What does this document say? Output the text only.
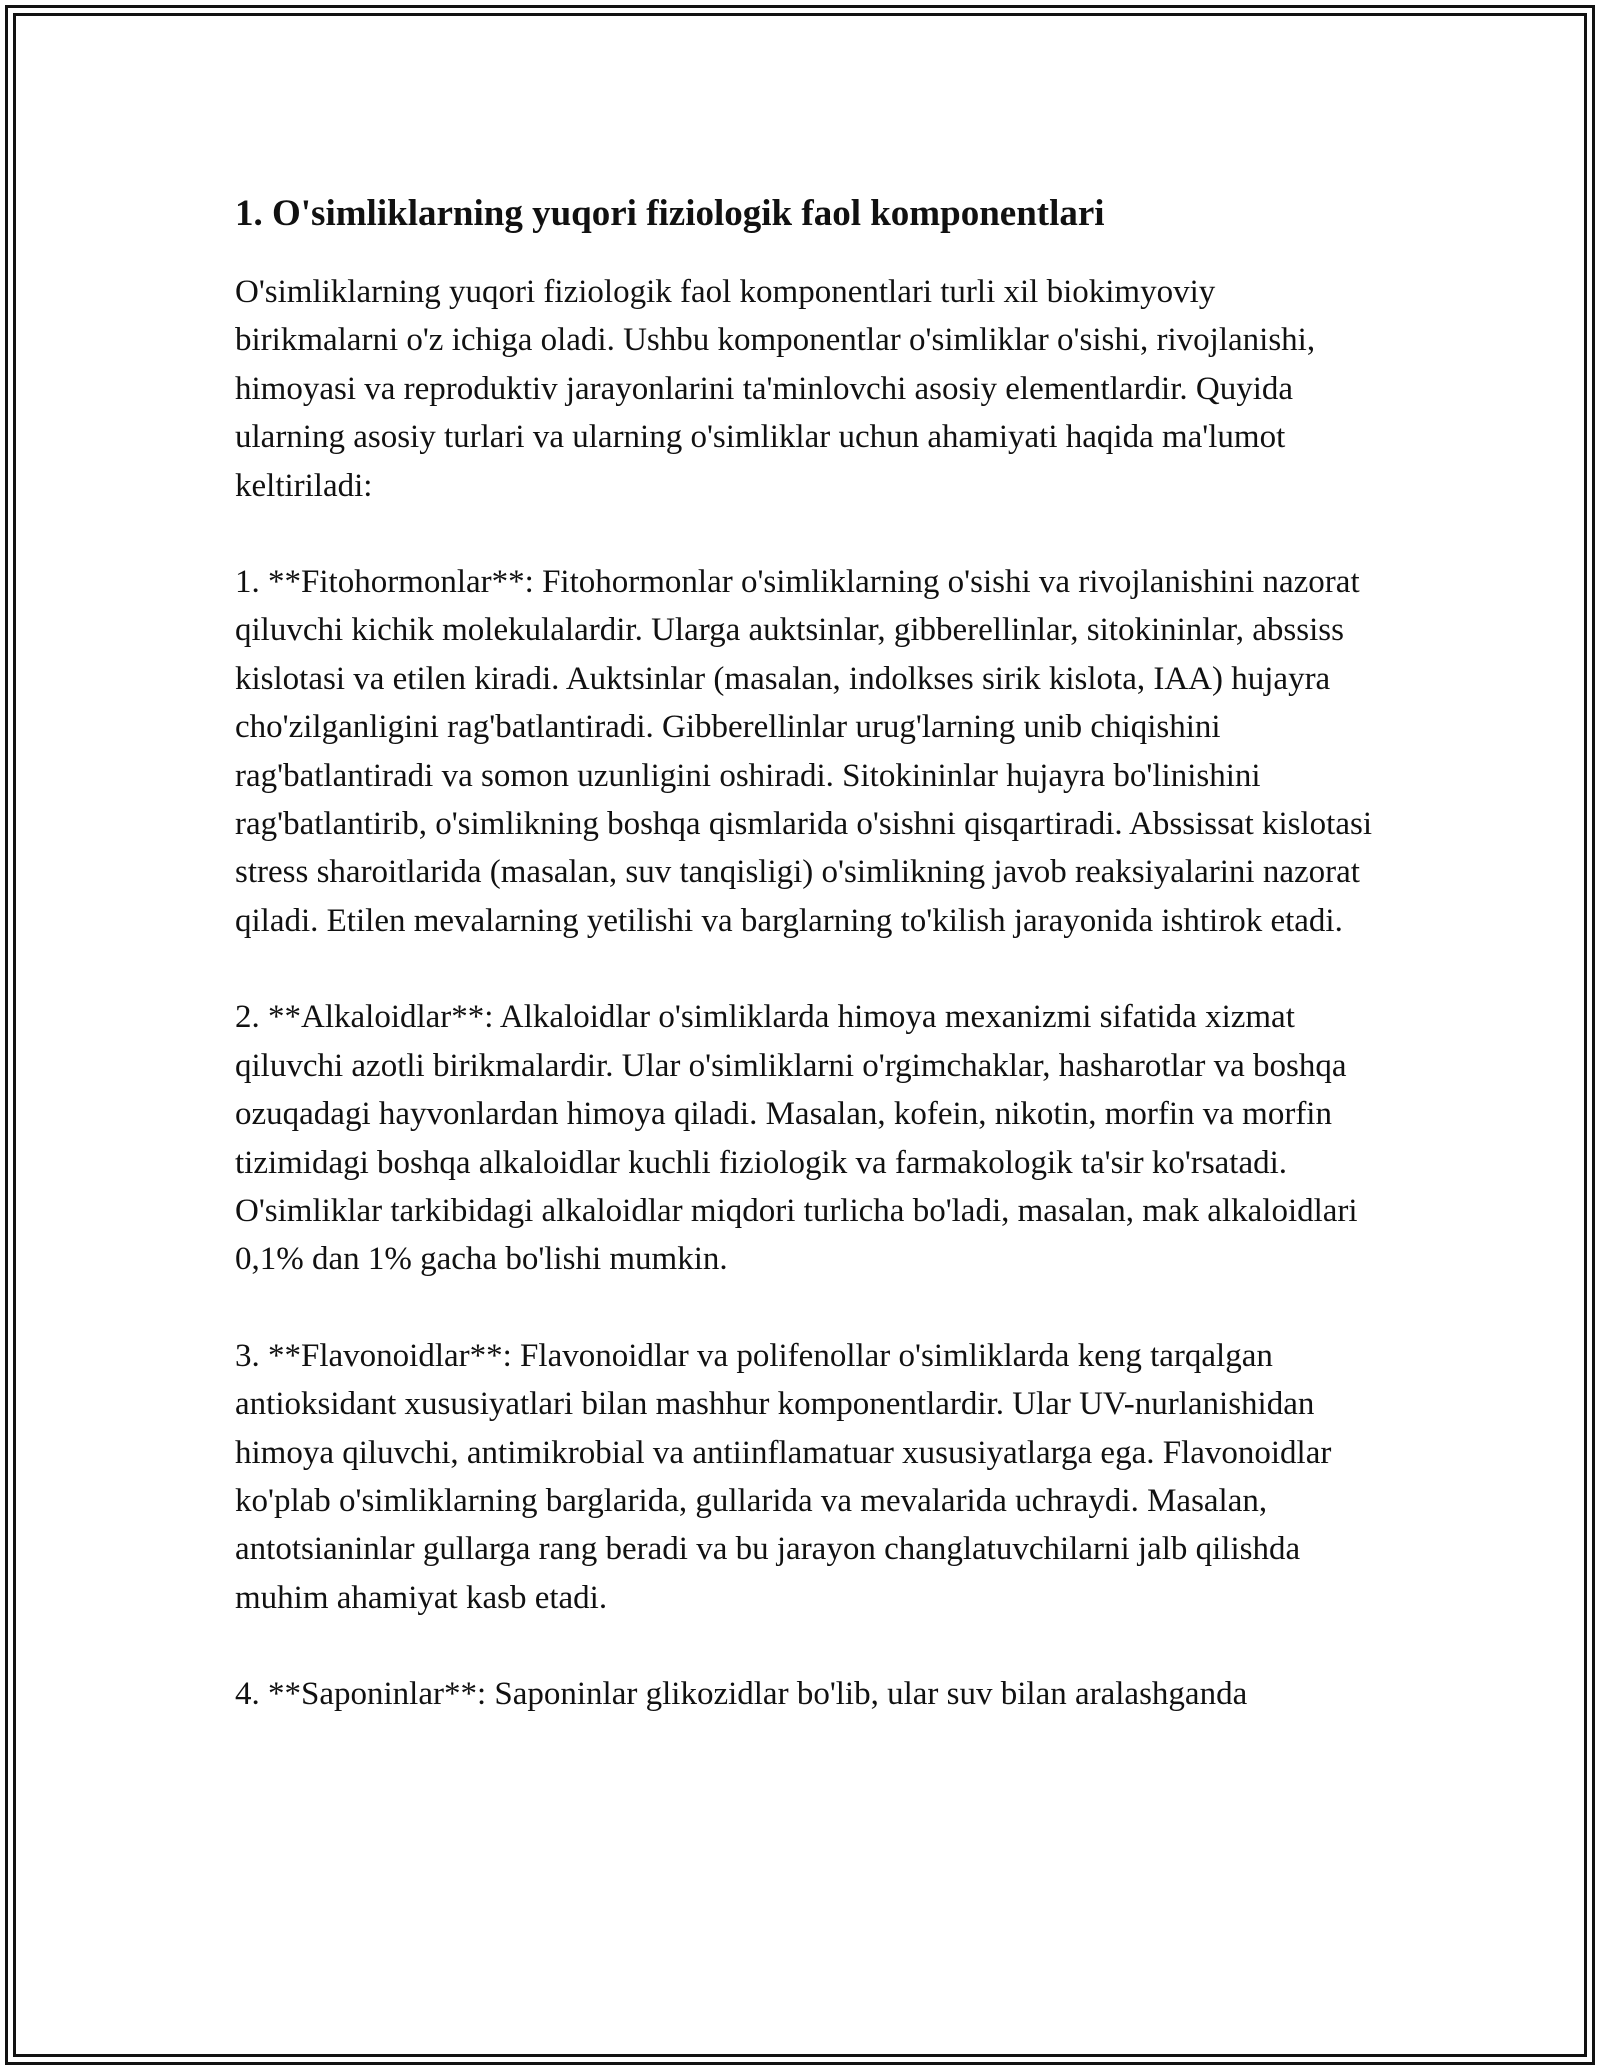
1. O'simliklarning yuqori fiziologik faol komponentlari

O'simliklarning yuqori fiziologik faol komponentlari turli xil biokimyoviy birikmalarni o'z ichiga oladi. Ushbu komponentlar o'simliklar o'sishi, rivojlanishi, himoyasi va reproduktiv jarayonlarini ta'minlovchi asosiy elementlardir. Quyida ularning asosiy turlari va ularning o'simliklar uchun ahamiyati haqida ma'lumot keltiriladi:

1. **Fitohormonlar**: Fitohormonlar o'simliklarning o'sishi va rivojlanishini nazorat qiluvchi kichik molekulalardir. Ularga auktsinlar, gibberellinlar, sitokininlar, abssiss kislotasi va etilen kiradi. Auktsinlar (masalan, indolkses sirik kislota, IAA) hujayra cho'zilganligini rag'batlantiradi. Gibberellinlar urug'larning unib chiqishini rag'batlantiradi va somon uzunligini oshiradi. Sitokininlar hujayra bo'linishini rag'batlantirib, o'simlikning boshqa qismlarida o'sishni qisqartiradi. Abssissat kislotasi stress sharoitlarida (masalan, suv tanqisligi) o'simlikning javob reaksiyalarini nazorat qiladi. Etilen mevalarning yetilishi va barglarning to'kilish jarayonida ishtirok etadi.

2. **Alkaloidlar**: Alkaloidlar o'simliklarda himoya mexanizmi sifatida xizmat qiluvchi azotli birikmalardir. Ular o'simliklarni o'rgimchaklar, hasharotlar va boshqa ozuqadagi hayvonlardan himoya qiladi. Masalan, kofein, nikotin, morfin va morfin tizimidagi boshqa alkaloidlar kuchli fiziologik va farmakologik ta'sir ko'rsatadi. O'simliklar tarkibidagi alkaloidlar miqdori turlicha bo'ladi, masalan, mak alkaloidlari 0,1% dan 1% gacha bo'lishi mumkin.

3. **Flavonoidlar**: Flavonoidlar va polifenollar o'simliklarda keng tarqalgan antioksidant xususiyatlari bilan mashhur komponentlardir. Ular UV-nurlanishidan himoya qiluvchi, antimikrobial va antiinflamatuar xususiyatlarga ega. Flavonoidlar ko'plab o'simliklarning barglarida, gullarida va mevalarida uchraydi. Masalan, antotsianinlar gullarga rang beradi va bu jarayon changlatuvchilarni jalb qilishda muhim ahamiyat kasb etadi.

4. **Saponinlar**: Saponinlar glikozidlar bo'lib, ular suv bilan aralashganda
